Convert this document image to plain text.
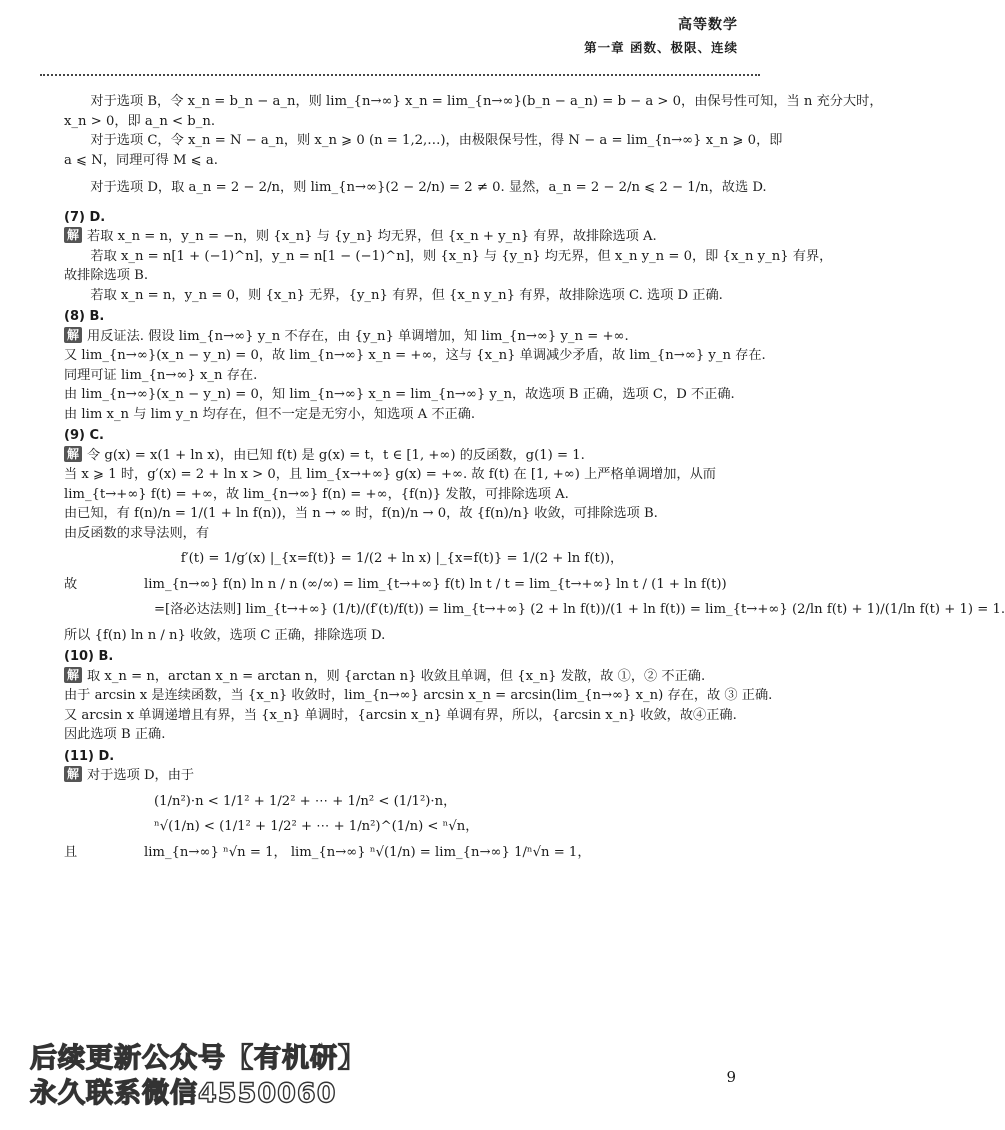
高等数学
第一章 函数、极限、连续

对于选项 B，令 x_n = b_n − a_n，则 lim_{n→∞} x_n = lim_{n→∞}(b_n − a_n) = b − a > 0，由保号性可知，当 n 充分大时，

x_n > 0，即 a_n < b_n.

对于选项 C，令 x_n = N − a_n，则 x_n ⩾ 0 (n = 1,2,…)，由极限保号性，得 N − a = lim_{n→∞} x_n ⩾ 0，即

a ⩽ N，同理可得 M ⩽ a.

对于选项 D，取 a_n = 2 − 2/n，则 lim_{n→∞}(2 − 2/n) = 2 ≠ 0. 显然，a_n = 2 − 2/n ⩽ 2 − 1/n，故选 D.

(7) D.

解 若取 x_n = n，y_n = −n，则 {x_n} 与 {y_n} 均无界，但 {x_n + y_n} 有界，故排除选项 A.

若取 x_n = n[1 + (−1)^n]，y_n = n[1 − (−1)^n]，则 {x_n} 与 {y_n} 均无界，但 x_n y_n = 0，即 {x_n y_n} 有界，

故排除选项 B.

若取 x_n = n，y_n = 0，则 {x_n} 无界，{y_n} 有界，但 {x_n y_n} 有界，故排除选项 C. 选项 D 正确.

(8) B.

解 用反证法. 假设 lim_{n→∞} y_n 不存在，由 {y_n} 单调增加，知 lim_{n→∞} y_n = +∞.

又 lim_{n→∞}(x_n − y_n) = 0，故 lim_{n→∞} x_n = +∞，这与 {x_n} 单调减少矛盾，故 lim_{n→∞} y_n 存在.

同理可证 lim_{n→∞} x_n 存在.

由 lim_{n→∞}(x_n − y_n) = 0，知 lim_{n→∞} x_n = lim_{n→∞} y_n，故选项 B 正确，选项 C，D 不正确.

由 lim x_n 与 lim y_n 均存在，但不一定是无穷小，知选项 A 不正确.

(9) C.

解 令 g(x) = x(1 + ln x)，由已知 f(t) 是 g(x) = t，t ∈ [1, +∞) 的反函数，g(1) = 1.

当 x ⩾ 1 时，g′(x) = 2 + ln x > 0，且 lim_{x→+∞} g(x) = +∞. 故 f(t) 在 [1, +∞) 上严格单调增加，从而

lim_{t→+∞} f(t) = +∞，故 lim_{n→∞} f(n) = +∞，{f(n)} 发散，可排除选项 A.

由已知，有 f(n)/n = 1/(1 + ln f(n))，当 n → ∞ 时，f(n)/n → 0，故 {f(n)/n} 收敛，可排除选项 B.

由反函数的求导法则，有

f′(t) = 1/g′(x) |_{x=f(t)} = 1/(2 + ln x) |_{x=f(t)} = 1/(2 + ln f(t))，

故	lim_{n→∞} f(n) ln n / n (∞/∞) = lim_{t→+∞} f(t) ln t / t = lim_{t→+∞} ln t / (1 + ln f(t))

=[洛必达法则] lim_{t→+∞} (1/t)/(f′(t)/f(t)) = lim_{t→+∞} (2 + ln f(t))/(1 + ln f(t)) = lim_{t→+∞} (2/ln f(t) + 1)/(1/ln f(t) + 1) = 1.

所以 {f(n) ln n / n} 收敛，选项 C 正确，排除选项 D.

(10) B.

解 取 x_n = n，arctan x_n = arctan n，则 {arctan n} 收敛且单调，但 {x_n} 发散，故 ①，② 不正确.

由于 arcsin x 是连续函数，当 {x_n} 收敛时，lim_{n→∞} arcsin x_n = arcsin(lim_{n→∞} x_n) 存在，故 ③ 正确.

又 arcsin x 单调递增且有界，当 {x_n} 单调时，{arcsin x_n} 单调有界，所以，{arcsin x_n} 收敛，故④正确.

因此选项 B 正确.

(11) D.

解 对于选项 D，由于

(1/n²)·n < 1/1² + 1/2² + ⋯ + 1/n² < (1/1²)·n，

ⁿ√(1/n) < (1/1² + 1/2² + ⋯ + 1/n²)^(1/n) < ⁿ√n，

且	lim_{n→∞} ⁿ√n = 1， lim_{n→∞} ⁿ√(1/n) = lim_{n→∞} 1/ⁿ√n = 1，

后续更新公众号【有机研】
永久联系微信4550060
9
